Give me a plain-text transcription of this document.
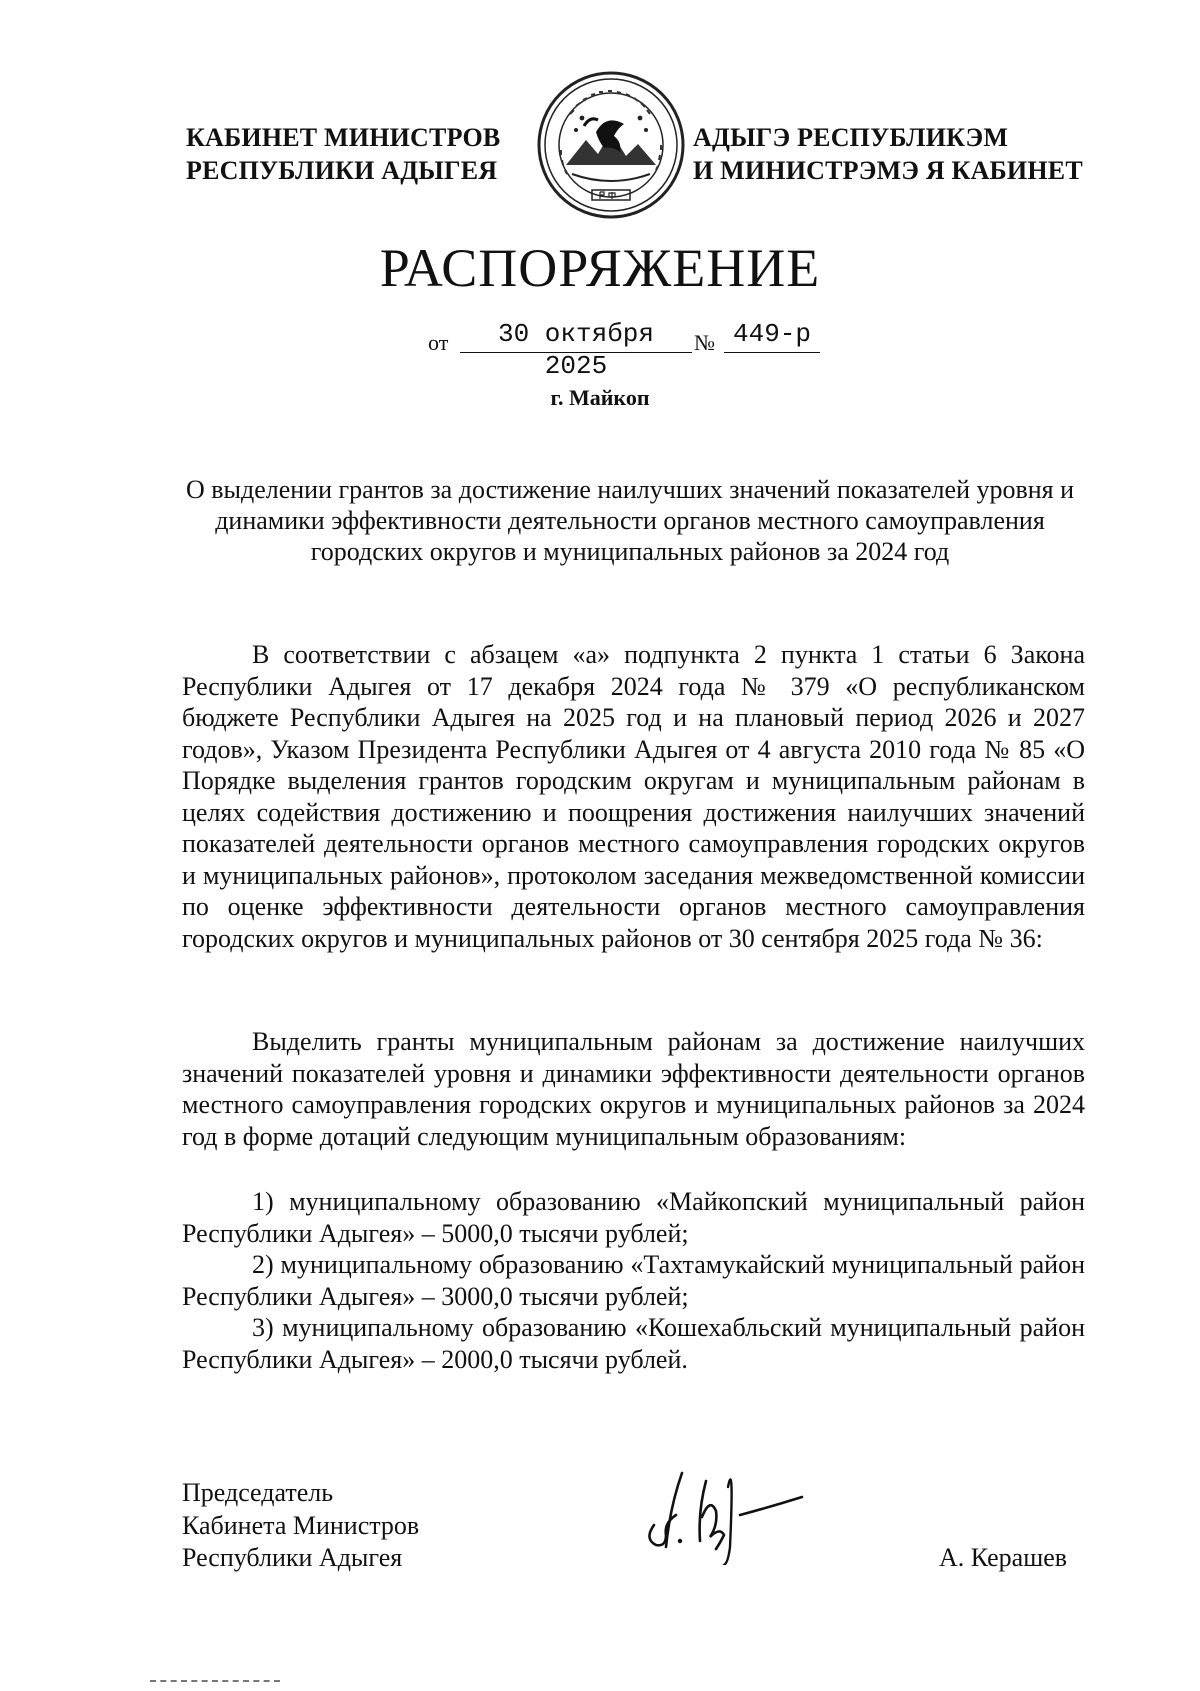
КАБИНЕТ МИНИСТРОВ
РЕСПУБЛИКИ АДЫГЕЯ
АДЫГЭ РЕСПУБЛИКЭМ
И МИНИСТРЭМЭ Я КАБИНЕТ
РАСПОРЯЖЕНИЕ
от	30 октября 2025
№ 449-р
г. Майкоп
О выделении грантов за достижение наилучших значений показателей уровня и динамики эффективности деятельности органов местного самоуправления городских округов и муниципальных районов за 2024 год
В соответствии с абзацем «а» подпункта 2 пункта 1 статьи 6 Закона Республики Адыгея от 17 декабря 2024 года № 379 «О республиканском бюджете Республики Адыгея на 2025 год и на плановый период 2026 и 2027 годов», Указом Президента Республики Адыгея от 4 августа 2010 года № 85 «О Порядке выделения грантов городским округам и муниципальным районам в целях содействия достижению и поощрения достижения наилучших значений показателей деятельности органов местного самоуправления городских округов и муниципальных районов», протоколом заседания межведомственной комиссии по оценке эффективности деятельности органов местного самоуправления городских округов и муниципальных районов от 30 сентября 2025 года № 36:
Выделить гранты муниципальным районам за достижение наилучших значений показателей уровня и динамики эффективности деятельности органов местного самоуправления городских округов и муниципальных районов за 2024 год в форме дотаций следующим муниципальным образованиям:

1) муниципальному образованию «Майкопский муниципальный район Республики Адыгея» – 5000,0 тысячи рублей;

2) муниципальному образованию «Тахтамукайский муниципальный район Республики Адыгея» – 3000,0 тысячи рублей;

3) муниципальному образованию «Кошехабльский муниципальный район Республики Адыгея» – 2000,0 тысячи рублей.

Председатель
Кабинета Министров
Республики Адыгея	А. Керашев
